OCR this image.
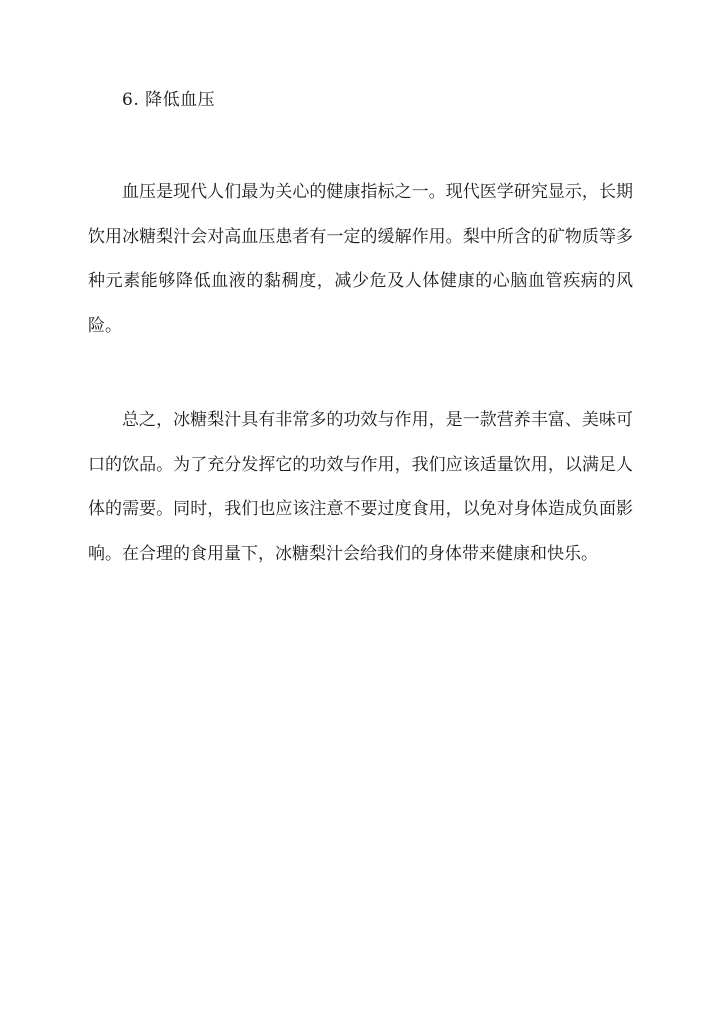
6. 降低血压

血压是现代人们最为关心的健康指标之一。现代医学研究显示，长期饮用冰糖梨汁会对高血压患者有一定的缓解作用。梨中所含的矿物质等多种元素能够降低血液的黏稠度，减少危及人体健康的心脑血管疾病的风险。

总之，冰糖梨汁具有非常多的功效与作用，是一款营养丰富、美味可口的饮品。为了充分发挥它的功效与作用，我们应该适量饮用，以满足人体的需要。同时，我们也应该注意不要过度食用，以免对身体造成负面影响。在合理的食用量下，冰糖梨汁会给我们的身体带来健康和快乐。
